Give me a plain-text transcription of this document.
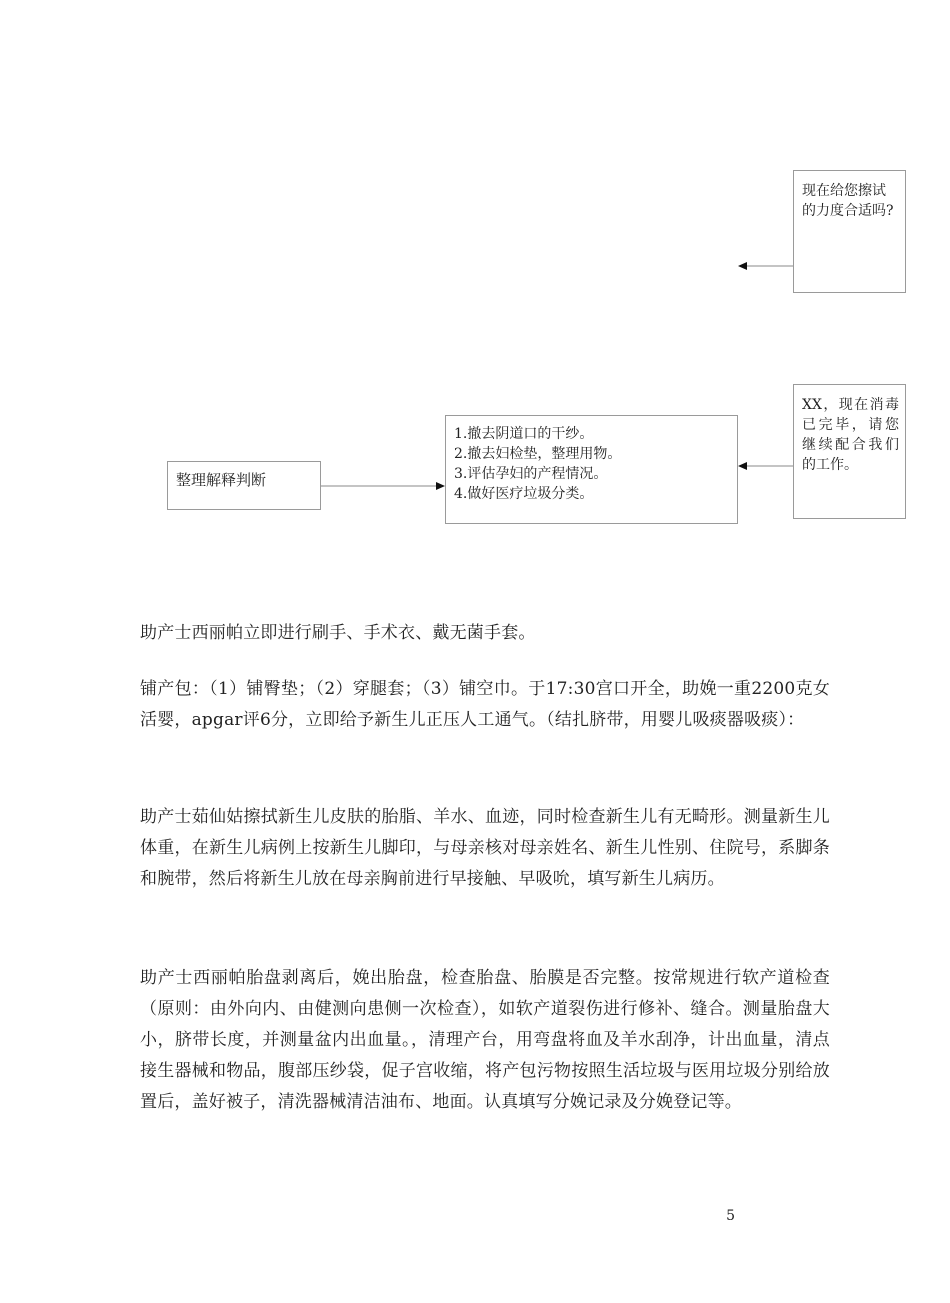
现在给您擦试的力度合适吗?
XX，现在消毒已完毕，请您继续配合我们的工作。
1.撤去阴道口的干纱。
2.撤去妇检垫，整理用物。
3.评估孕妇的产程情况。
4.做好医疗垃圾分类。
整理解释判断

助产士西丽帕立即进行刷手、手术衣、戴无菌手套。

铺产包：（1）铺臀垫；（2）穿腿套；（3）铺空巾。于17:30宫口开全，助娩一重2200克女活婴，apgar评6分，立即给予新生儿正压人工通气。（结扎脐带，用婴儿吸痰器吸痰）：

助产士茹仙姑擦拭新生儿皮肤的胎脂、羊水、血迹，同时检查新生儿有无畸形。测量新生儿体重，在新生儿病例上按新生儿脚印，与母亲核对母亲姓名、新生儿性别、住院号，系脚条和腕带，然后将新生儿放在母亲胸前进行早接触、早吸吮，填写新生儿病历。

助产士西丽帕胎盘剥离后，娩出胎盘，检查胎盘、胎膜是否完整。按常规进行软产道检查（原则：由外向内、由健测向患侧一次检查），如软产道裂伤进行修补、缝合。测量胎盘大小，脐带长度，并测量盆内出血量。，清理产台，用弯盘将血及羊水刮净，计出血量，清点接生器械和物品，腹部压纱袋，促子宫收缩，将产包污物按照生活垃圾与医用垃圾分别给放置后，盖好被子，清洗器械清洁油布、地面。认真填写分娩记录及分娩登记等。

5
